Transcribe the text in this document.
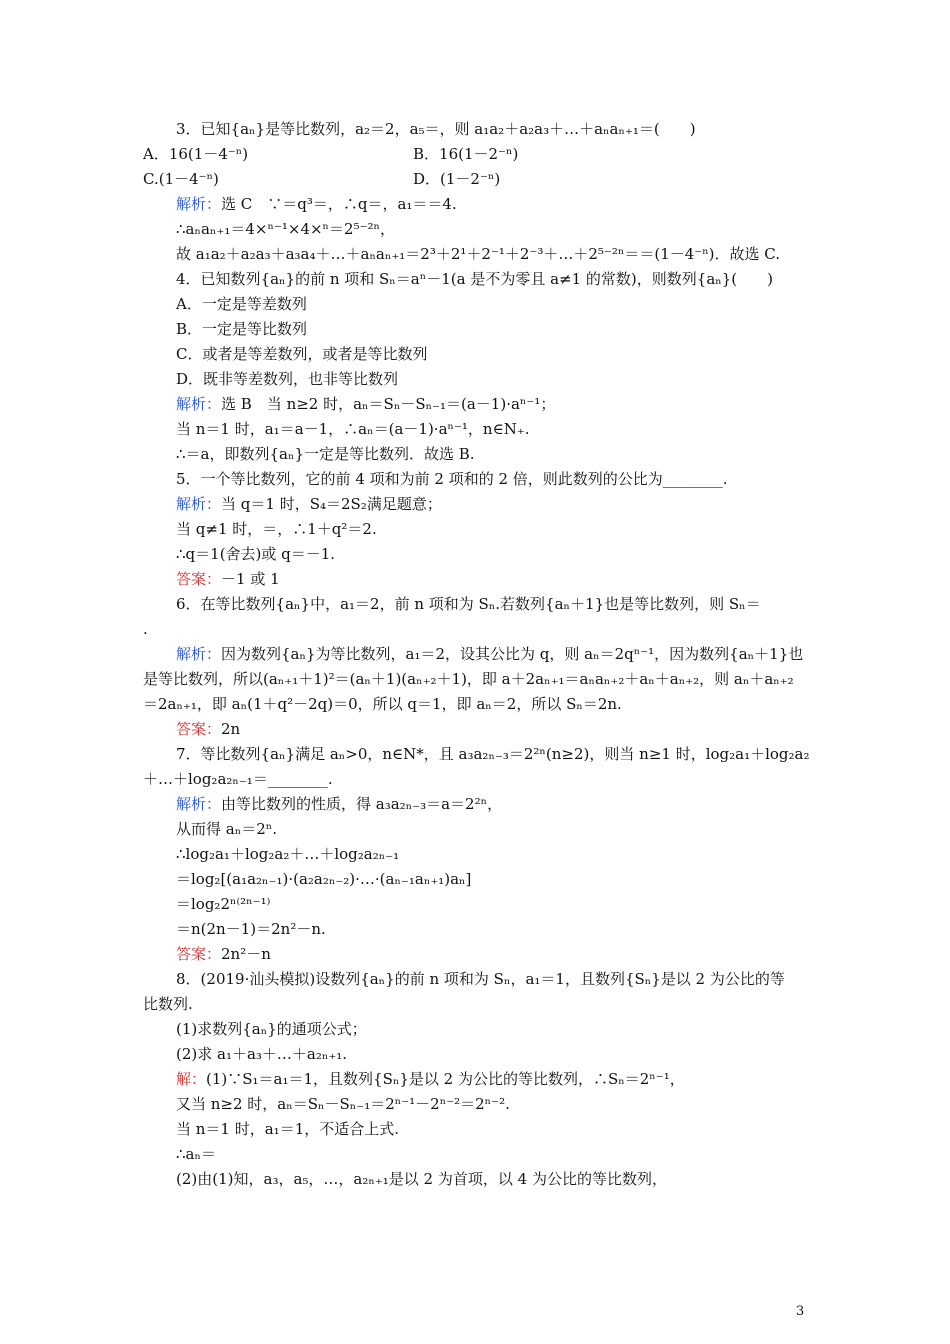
3．已知{aₙ}是等比数列，a₂＝2，a₅＝，则 a₁a₂＋a₂a₃＋…＋aₙaₙ₊₁＝(　　)
A．16(1－4⁻ⁿ)	B．16(1－2⁻ⁿ)
C.(1－4⁻ⁿ)	D．(1－2⁻ⁿ)
解析：选 C　∵＝q³＝，∴q＝，a₁＝＝4.
∴aₙaₙ₊₁＝4×ⁿ⁻¹×4×ⁿ＝2⁵⁻²ⁿ，
故 a₁a₂＋a₂a₃＋a₃a₄＋…＋aₙaₙ₊₁＝2³＋2¹＋2⁻¹＋2⁻³＋…＋2⁵⁻²ⁿ＝＝(1－4⁻ⁿ)．故选 C.
4．已知数列{aₙ}的前 n 项和 Sₙ＝aⁿ－1(a 是不为零且 a≠1 的常数)，则数列{aₙ}(　　)
A．一定是等差数列
B．一定是等比数列
C．或者是等差数列，或者是等比数列
D．既非等差数列，也非等比数列
解析：选 B　当 n≥2 时，aₙ＝Sₙ－Sₙ₋₁＝(a－1)·aⁿ⁻¹；
当 n＝1 时，a₁＝a－1，∴aₙ＝(a－1)·aⁿ⁻¹，n∈N₊.
∴＝a，即数列{aₙ}一定是等比数列．故选 B.
5．一个等比数列，它的前 4 项和为前 2 项和的 2 倍，则此数列的公比为________.
解析：当 q＝1 时，S₄＝2S₂满足题意；
当 q≠1 时，＝，∴1＋q²＝2.
∴q＝1(舍去)或 q＝－1.
答案：－1 或 1
6．在等比数列{aₙ}中，a₁＝2，前 n 项和为 Sₙ.若数列{aₙ＋1}也是等比数列，则 Sₙ＝
.
解析：因为数列{aₙ}为等比数列，a₁＝2，设其公比为 q，则 aₙ＝2qⁿ⁻¹，因为数列{aₙ＋1}也
是等比数列，所以(aₙ₊₁＋1)²＝(aₙ＋1)(aₙ₊₂＋1)，即 a＋2aₙ₊₁＝aₙaₙ₊₂＋aₙ＋aₙ₊₂，则 aₙ＋aₙ₊₂
＝2aₙ₊₁，即 aₙ(1＋q²－2q)＝0，所以 q＝1，即 aₙ＝2，所以 Sₙ＝2n.
答案：2n
7．等比数列{aₙ}满足 aₙ>0，n∈N*，且 a₃a₂ₙ₋₃＝2²ⁿ(n≥2)，则当 n≥1 时，log₂a₁＋log₂a₂
＋…＋log₂a₂ₙ₋₁＝________.
解析：由等比数列的性质，得 a₃a₂ₙ₋₃＝a＝2²ⁿ，
从而得 aₙ＝2ⁿ.
∴log₂a₁＋log₂a₂＋…＋log₂a₂ₙ₋₁
＝log₂[(a₁a₂ₙ₋₁)·(a₂a₂ₙ₋₂)·…·(aₙ₋₁aₙ₊₁)aₙ]
＝log₂2ⁿ⁽²ⁿ⁻¹⁾
＝n(2n－1)＝2n²－n.
答案：2n²－n
8．(2019·汕头模拟)设数列{aₙ}的前 n 项和为 Sₙ，a₁＝1，且数列{Sₙ}是以 2 为公比的等
比数列.
(1)求数列{aₙ}的通项公式；
(2)求 a₁＋a₃＋…＋a₂ₙ₊₁.
解：(1)∵S₁＝a₁＝1，且数列{Sₙ}是以 2 为公比的等比数列，∴Sₙ＝2ⁿ⁻¹，
又当 n≥2 时，aₙ＝Sₙ－Sₙ₋₁＝2ⁿ⁻¹－2ⁿ⁻²＝2ⁿ⁻².
当 n＝1 时，a₁＝1，不适合上式.
∴aₙ＝
(2)由(1)知，a₃，a₅，…，a₂ₙ₊₁是以 2 为首项，以 4 为公比的等比数列，
3
